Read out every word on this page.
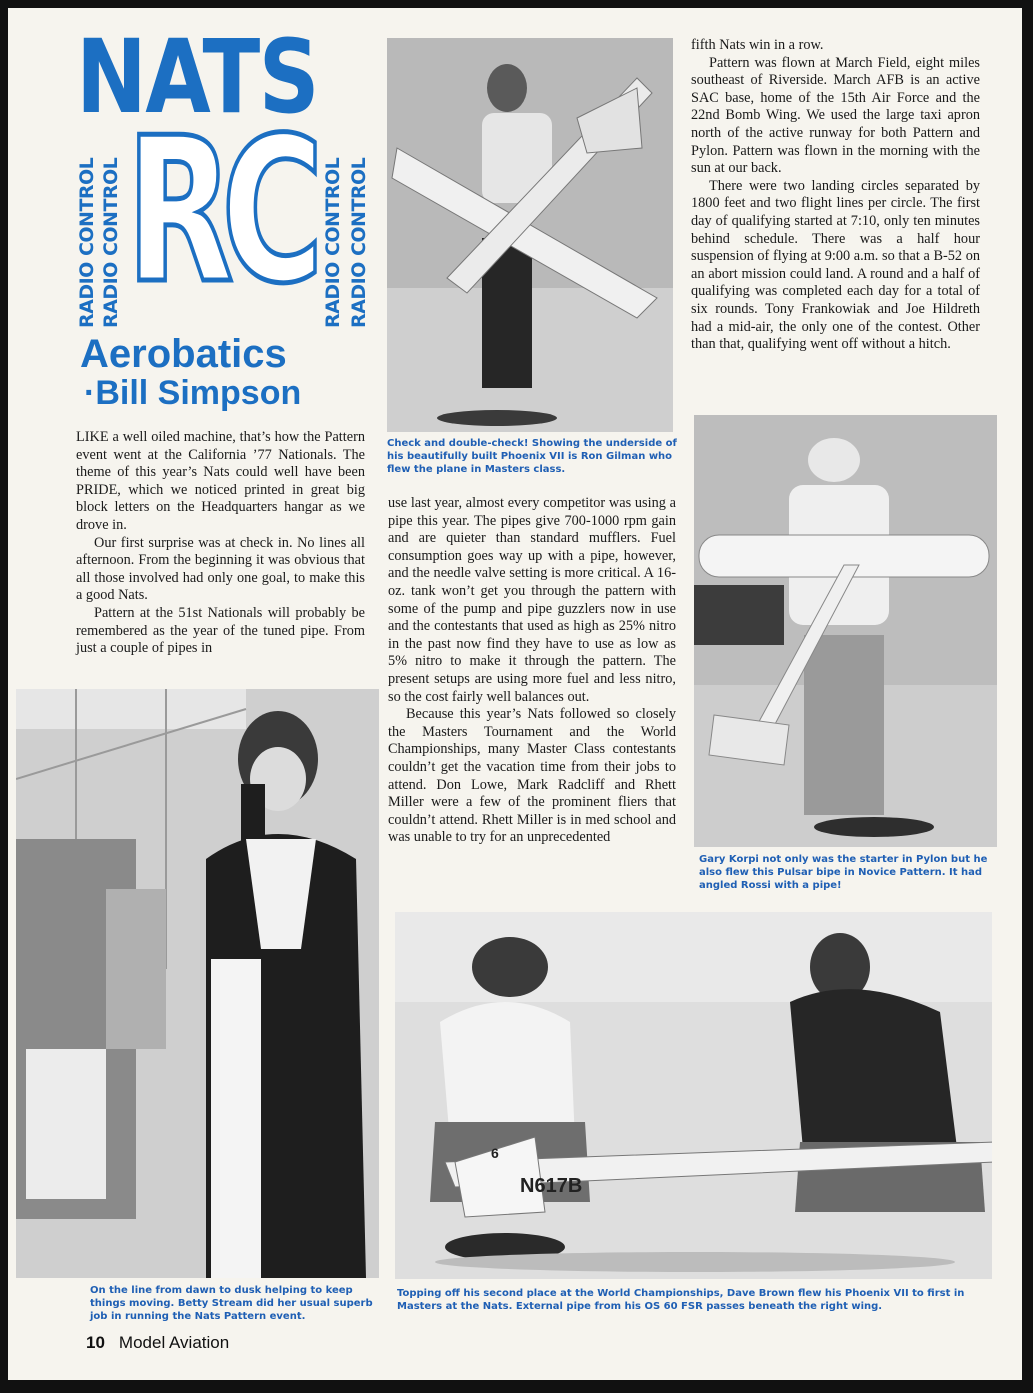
NATS
RADIO CONTROL RADIO CONTROL	RADIO CONTROL RADIO CONTROL
RC
Aerobatics
·Bill Simpson

LIKE a well oiled machine, that’s how the Pattern event went at the California ’77 Nationals. The theme of this year’s Nats could well have been PRIDE, which we noticed printed in great big block letters on the Headquarters hangar as we drove in.

Our first surprise was at check in. No lines all afternoon. From the beginning it was obvious that all those involved had only one goal, to make this a good Nats.

Pattern at the 51st Nationals will probably be remembered as the year of the tuned pipe. From just a couple of pipes in

Check and double-check! Showing the underside of his beautifully built Phoenix VII is Ron Gilman who flew the plane in Masters class.

use last year, almost every competitor was using a pipe this year. The pipes give 700-1000 rpm gain and are quieter than standard mufflers. Fuel consumption goes way up with a pipe, however, and the needle valve setting is more critical. A 16-oz. tank won’t get you through the pattern with some of the pump and pipe guzzlers now in use and the contestants that used as high as 25% nitro in the past now find they have to use as low as 5% nitro to make it through the pattern. The present setups are using more fuel and less nitro, so the cost fairly well balances out.

Because this year’s Nats followed so closely the Masters Tournament and the World Championships, many Master Class contestants couldn’t get the vacation time from their jobs to attend. Don Lowe, Mark Radcliff and Rhett Miller were a few of the prominent fliers that couldn’t attend. Rhett Miller is in med school and was unable to try for an unprecedented

fifth Nats win in a row.

Pattern was flown at March Field, eight miles southeast of Riverside. March AFB is an active SAC base, home of the 15th Air Force and the 22nd Bomb Wing. We used the large taxi apron north of the active runway for both Pattern and Pylon. Pattern was flown in the morning with the sun at our back.

There were two landing circles separated by 1800 feet and two flight lines per circle. The first day of qualifying started at 7:10, only ten minutes behind schedule. There was a half hour suspension of flying at 9:00 a.m. so that a B-52 on an abort mission could land. A round and a half of qualifying was completed each day for a total of six rounds. Tony Frankowiak and Joe Hildreth had a mid-air, the only one of the contest. Other than that, qualifying went off without a hitch.

Gary Korpi not only was the starter in Pylon but he also flew this Pulsar bipe in Novice Pattern. It had angled Rossi with a pipe!
On the line from dawn to dusk helping to keep things moving. Betty Stream did her usual superb job in running the Nats Pattern event.
N617B
6
Topping off his second place at the World Championships, Dave Brown flew his Phoenix VII to first in Masters at the Nats. External pipe from his OS 60 FSR passes beneath the right wing.
10 Model Aviation
